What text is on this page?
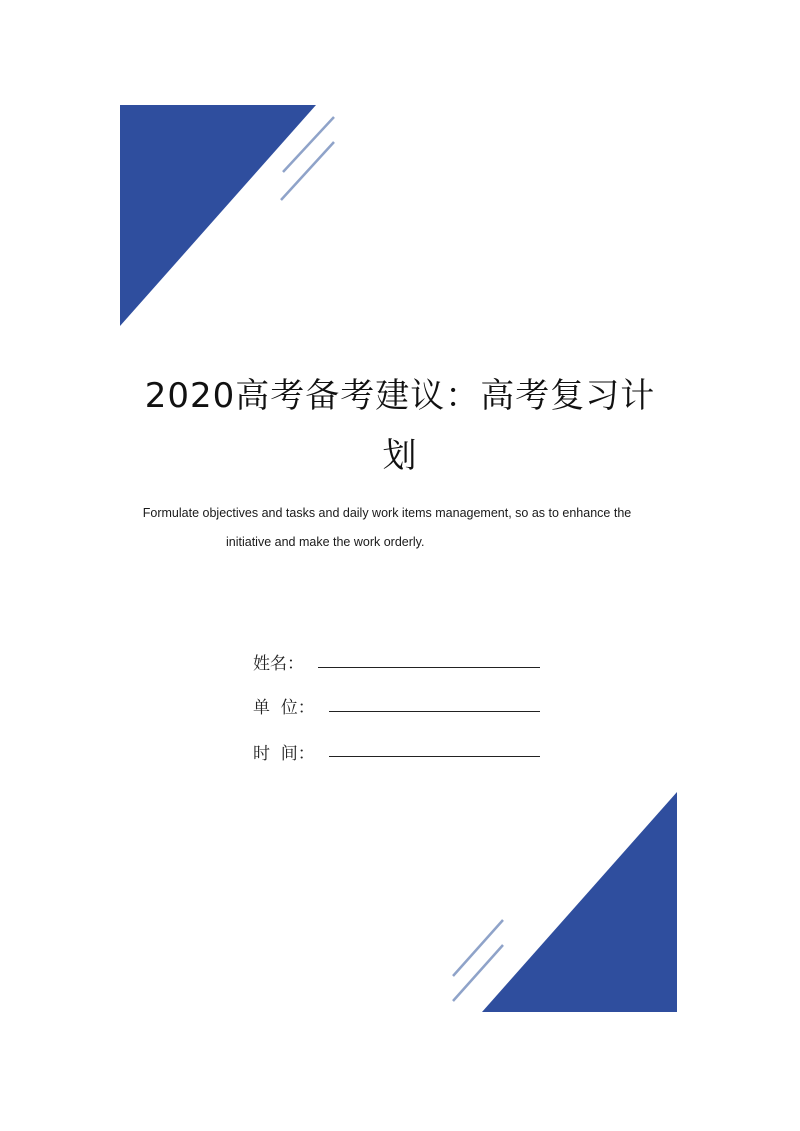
2020高考备考建议：高考复习计
划
Formulate objectives and tasks and daily work items management, so as to enhance the
initiative and make the work orderly.
姓名：
单  位：
时  间：
